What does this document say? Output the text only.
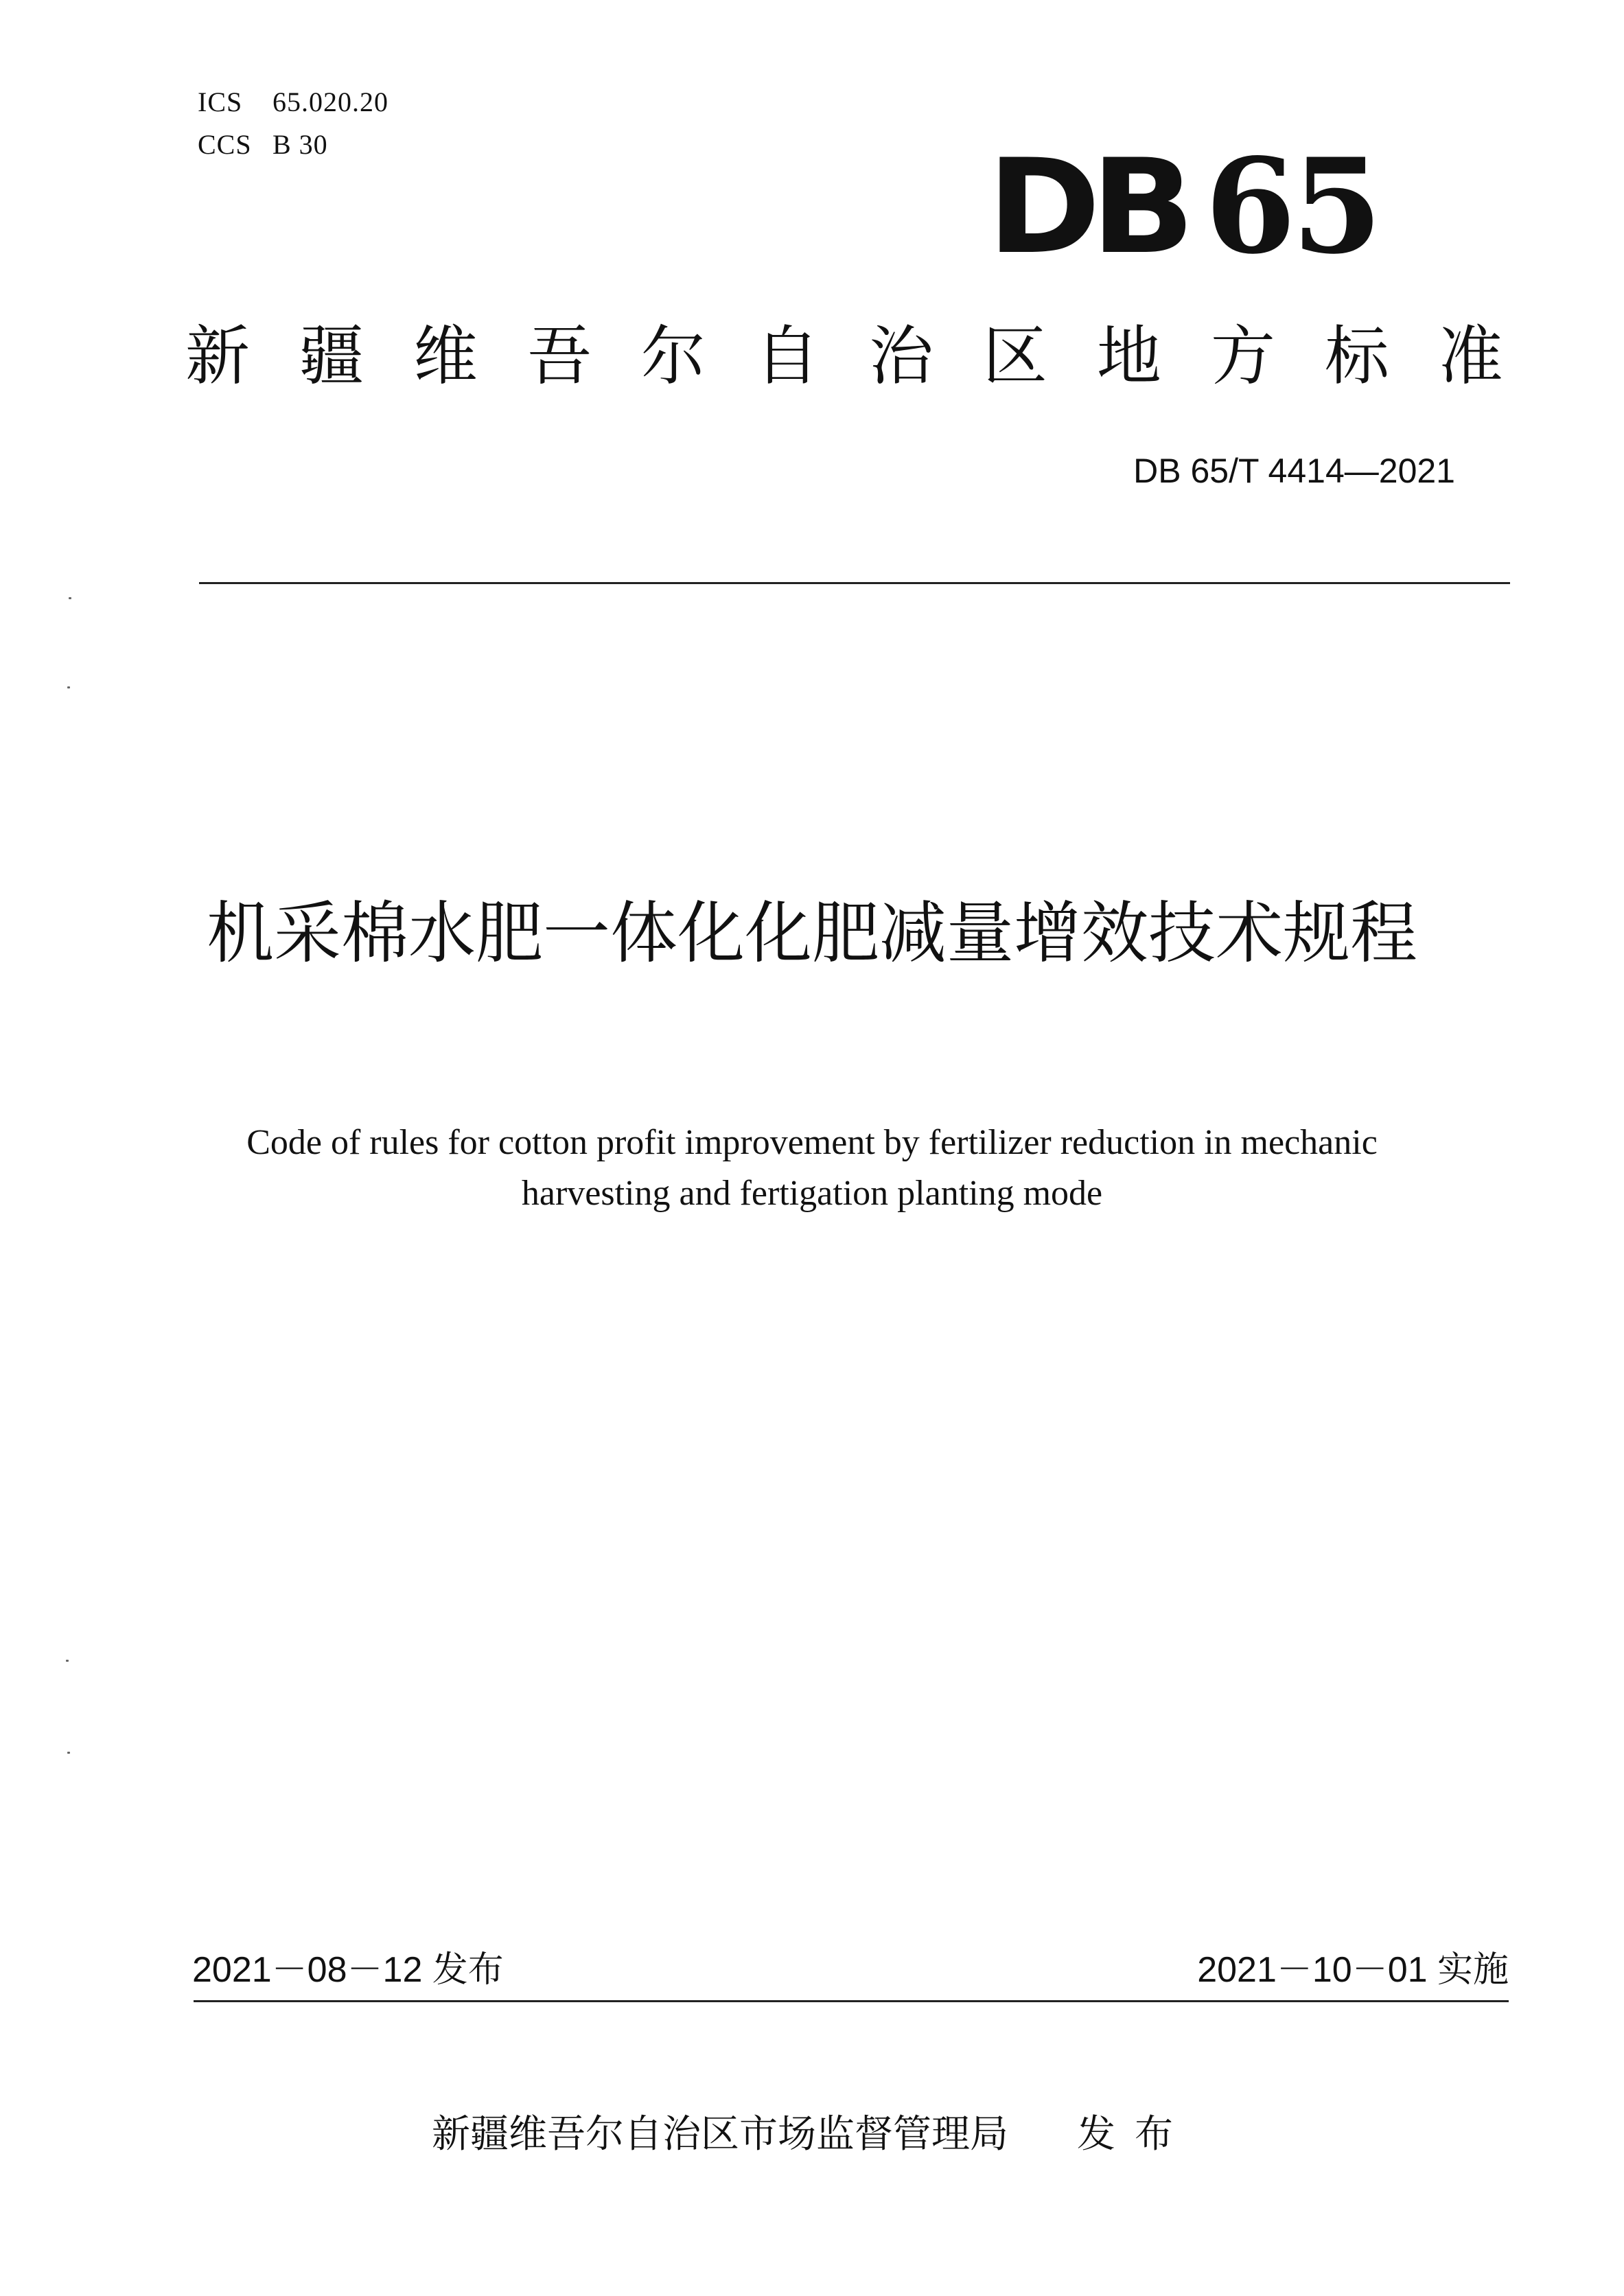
ICS 65.020.20
CCS B 30	DB 65
新 疆 维 吾 尔 自 治 区 地 方 标 准
DB 65/T 4414—2021
机采棉水肥一体化化肥减量增效技术规程
Code of rules for cotton profit improvement by fertilizer reduction in mechanic
harvesting and fertigation planting mode
2021－08－12 发布	2021－10－01 实施
新疆维吾尔自治区市场监督管理局 发布
